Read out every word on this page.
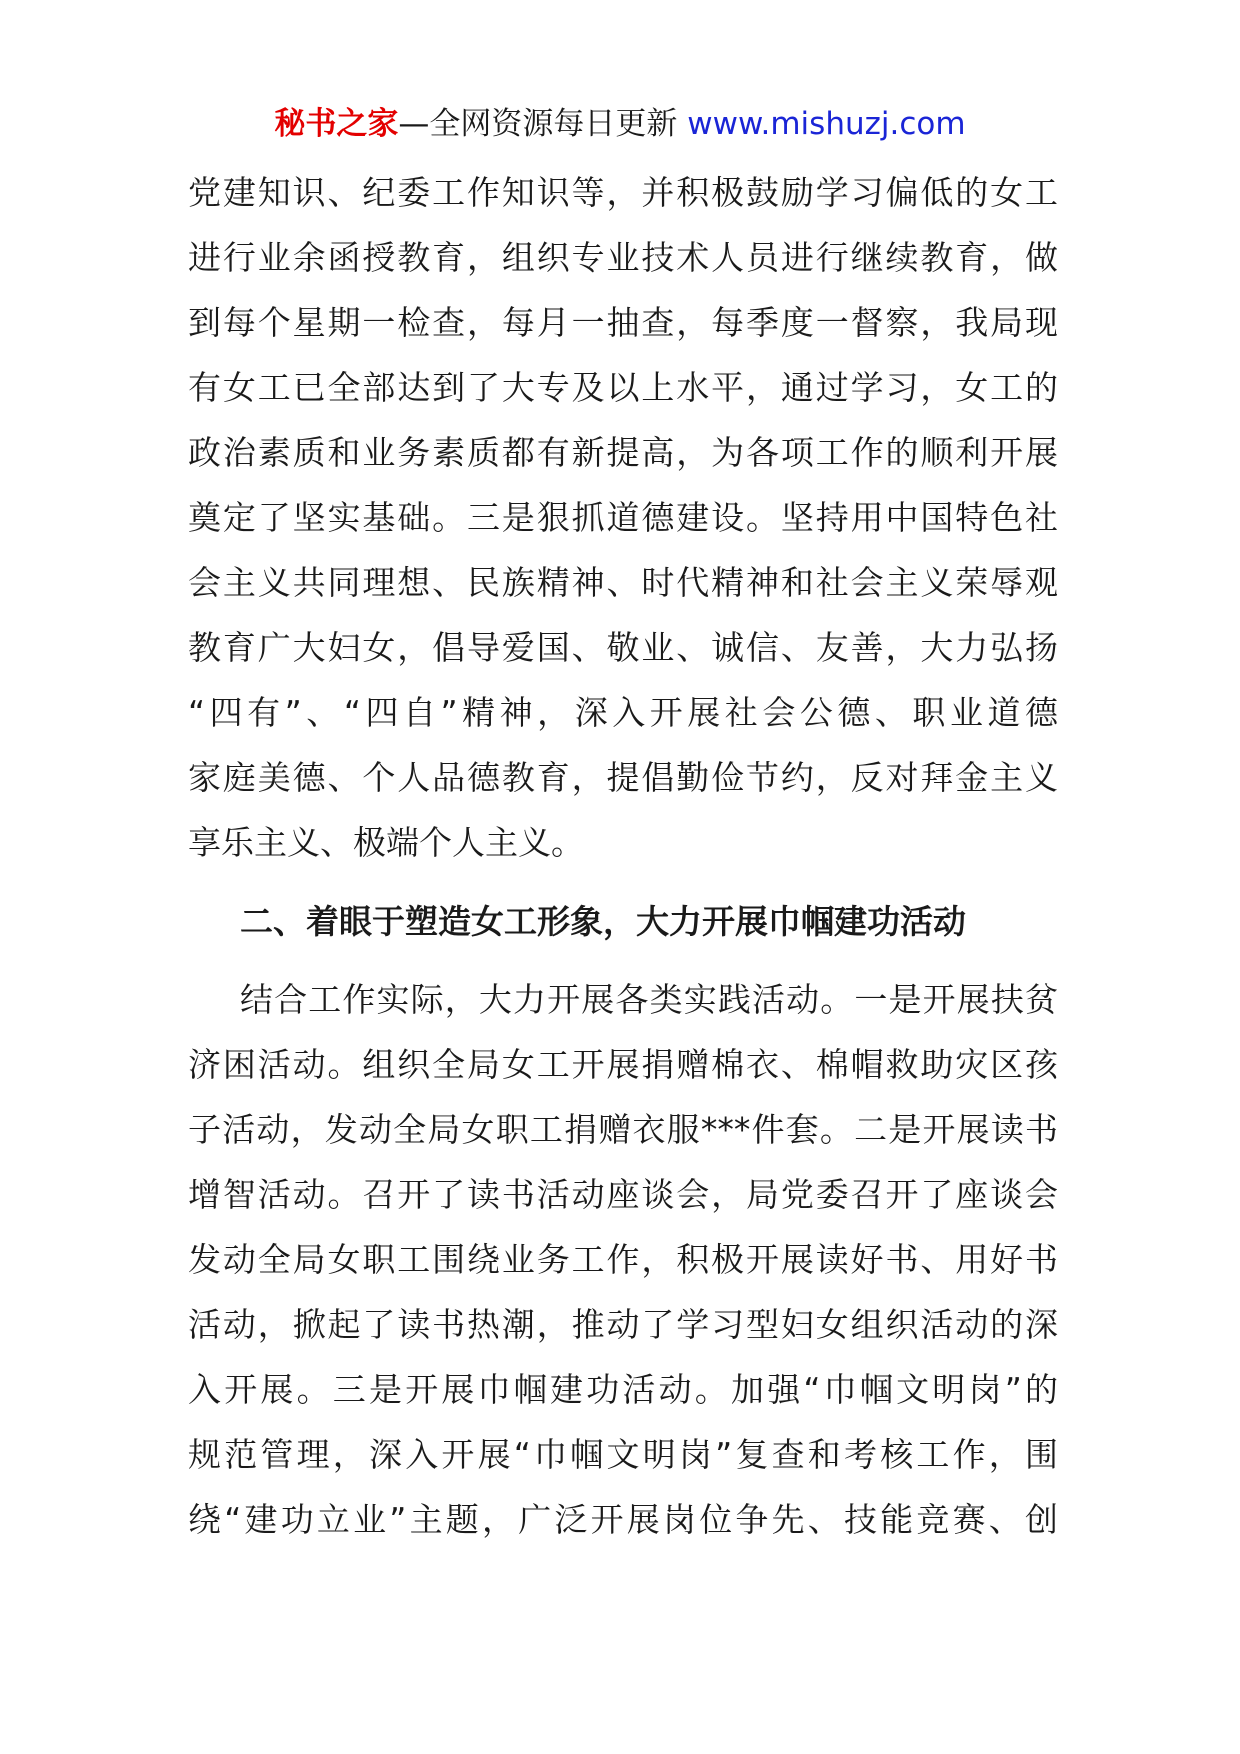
秘书之家—全网资源每日更新 www.mishuzj.com
党建知识、纪委工作知识等，并积极鼓励学习偏低的女工
进行业余函授教育，组织专业技术人员进行继续教育，做
到每个星期一检查，每月一抽查，每季度一督察，我局现
有女工已全部达到了大专及以上水平，通过学习，女工的
政治素质和业务素质都有新提高，为各项工作的顺利开展
奠定了坚实基础。三是狠抓道德建设。坚持用中国特色社
会主义共同理想、民族精神、时代精神和社会主义荣辱观
教育广大妇女，倡导爱国、敬业、诚信、友善，大力弘扬
“四有”、“四自”精神，深入开展社会公德、职业道德
家庭美德、个人品德教育，提倡勤俭节约，反对拜金主义
享乐主义、极端个人主义。
二、着眼于塑造女工形象，大力开展巾帼建功活动
结合工作实际，大力开展各类实践活动。一是开展扶贫
济困活动。组织全局女工开展捐赠棉衣、棉帽救助灾区孩
子活动，发动全局女职工捐赠衣服***件套。二是开展读书
增智活动。召开了读书活动座谈会，局党委召开了座谈会
发动全局女职工围绕业务工作，积极开展读好书、用好书
活动，掀起了读书热潮，推动了学习型妇女组织活动的深
入开展。三是开展巾帼建功活动。加强“巾帼文明岗”的
规范管理，深入开展“巾帼文明岗”复查和考核工作，围
绕“建功立业”主题，广泛开展岗位争先、技能竞赛、创
